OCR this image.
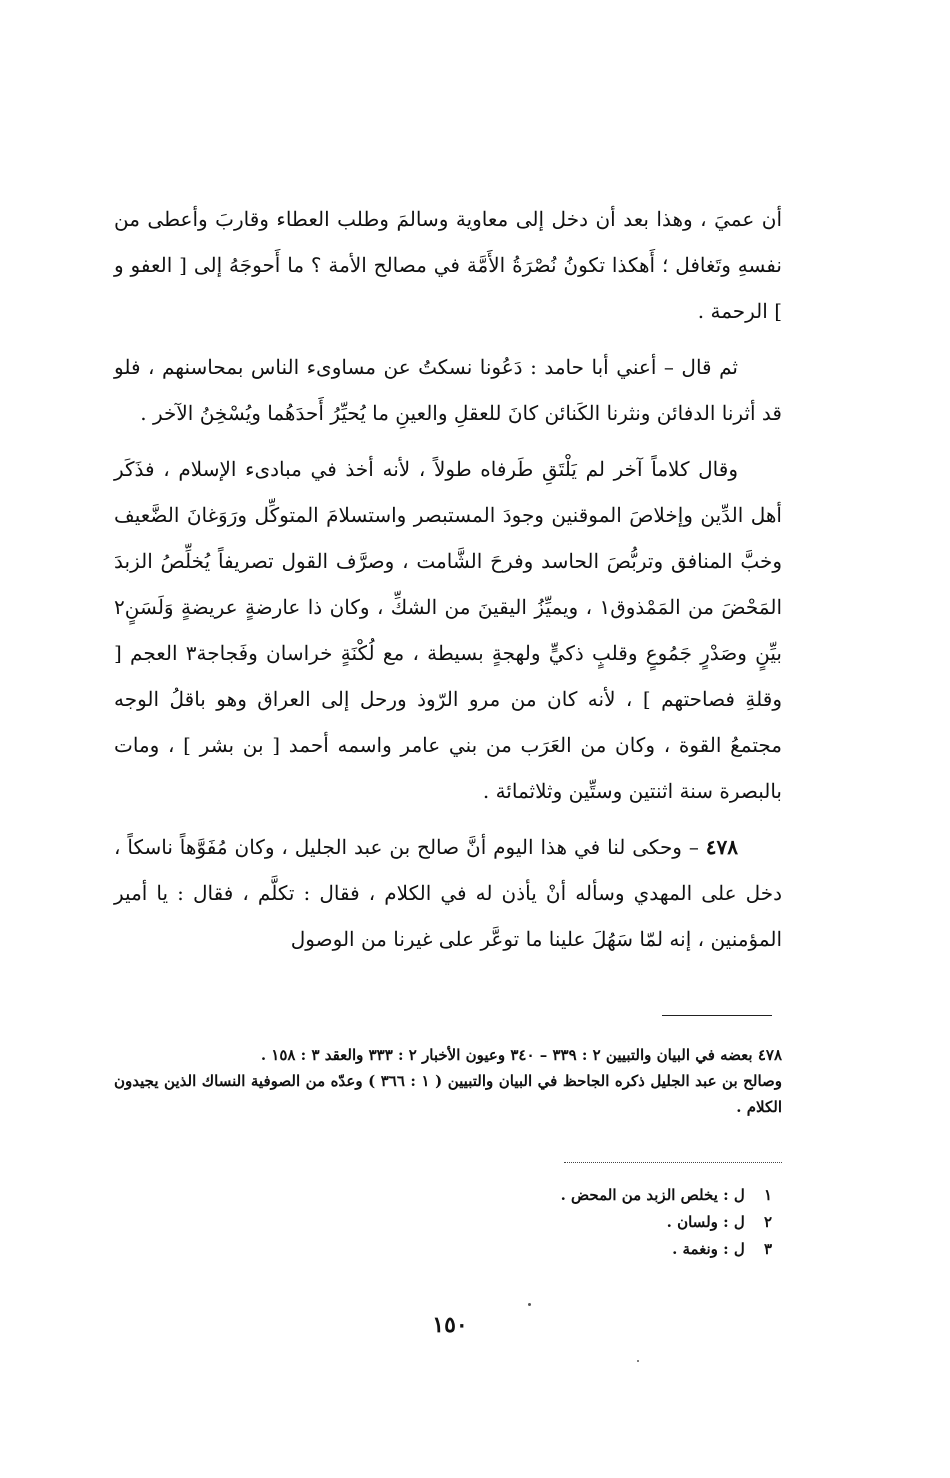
أن عميَ ، وهذا بعد أن دخل إلى معاوية وسالمَ وطلب العطاء وقاربَ وأعطى من نفسهِ وتَغافل ؛ أَهكذا تكونُ نُصْرَةُ الأَمَّة في مصالح الأمة ؟ ما أَحوجَهُ إلى [ العفو و ] الرحمة .

ثم قال – أعني أبا حامد : دَعُونا نسكتُ عن مساوىء الناس بمحاسنهم ، فلو قد أثرنا الدفائن ونثرنا الكَنائن كانَ للعقلِ والعينِ ما يُحيِّرُ أَحدَهُما ويُسْخِنُ الآخر .

وقال كلاماً آخر لم يَلْتَقِ طَرفاه طولاً ، لأنه أخذ في مبادىء الإسلام ، فذَكَر أهل الدِّين وإخلاصَ الموقنين وجودَ المستبصر واستسلامَ المتوكِّل ورَوَغانَ الضَّعيف وخبَّ المنافق وتربُّصَ الحاسد وفرحَ الشَّامت ، وصرَّف القول تصريفاً يُخلِّصُ الزبدَ المَحْضَ من المَمْذوق١ ، ويميِّزُ اليقينَ من الشكِّ ، وكان ذا عارضةٍ عريضةٍ وَلَسَنٍ٢ بيِّنٍ وصَدْرٍ جَمُوعٍ وقلبٍ ذكيٍّ ولهجةٍ بسيطة ، مع لُكْنَةٍ خراسان وفَجاجة٣ العجم [ وقلةِ فصاحتهم ] ، لأنه كان من مرو الرّوذ ورحل إلى العراق وهو باقلُ الوجه مجتمعُ القوة ، وكان من العَرَب من بني عامر واسمه أحمد [ بن بشر ] ، ومات بالبصرة سنة اثنتين وستِّين وثلاثمائة .

٤٧٨ – وحكى لنا في هذا اليوم أنَّ صالح بن عبد الجليل ، وكان مُفَوَّهاً ناسكاً ، دخل على المهدي وسأله أنْ يأذن له في الكلام ، فقال : تكلَّم ، فقال : يا أمير المؤمنين ، إنه لمّا سَهُلَ علينا ما توعَّر على غيرنا من الوصول

٤٧٨ بعضه في البيان والتبيين ٢ : ٣٣٩ – ٣٤٠ وعيون الأخبار ٢ : ٣٣٣ والعقد ٣ : ١٥٨ .

وصالح بن عبد الجليل ذكره الجاحظ في البيان والتبيين ( ١ : ٣٦٦ ) وعدّه من الصوفية النساك الذين يجيدون الكلام .

١ ل : يخلص الزبد من المحض .
٢ ل : ولسان .
٣ ل : ونغمة .
١٥٠
